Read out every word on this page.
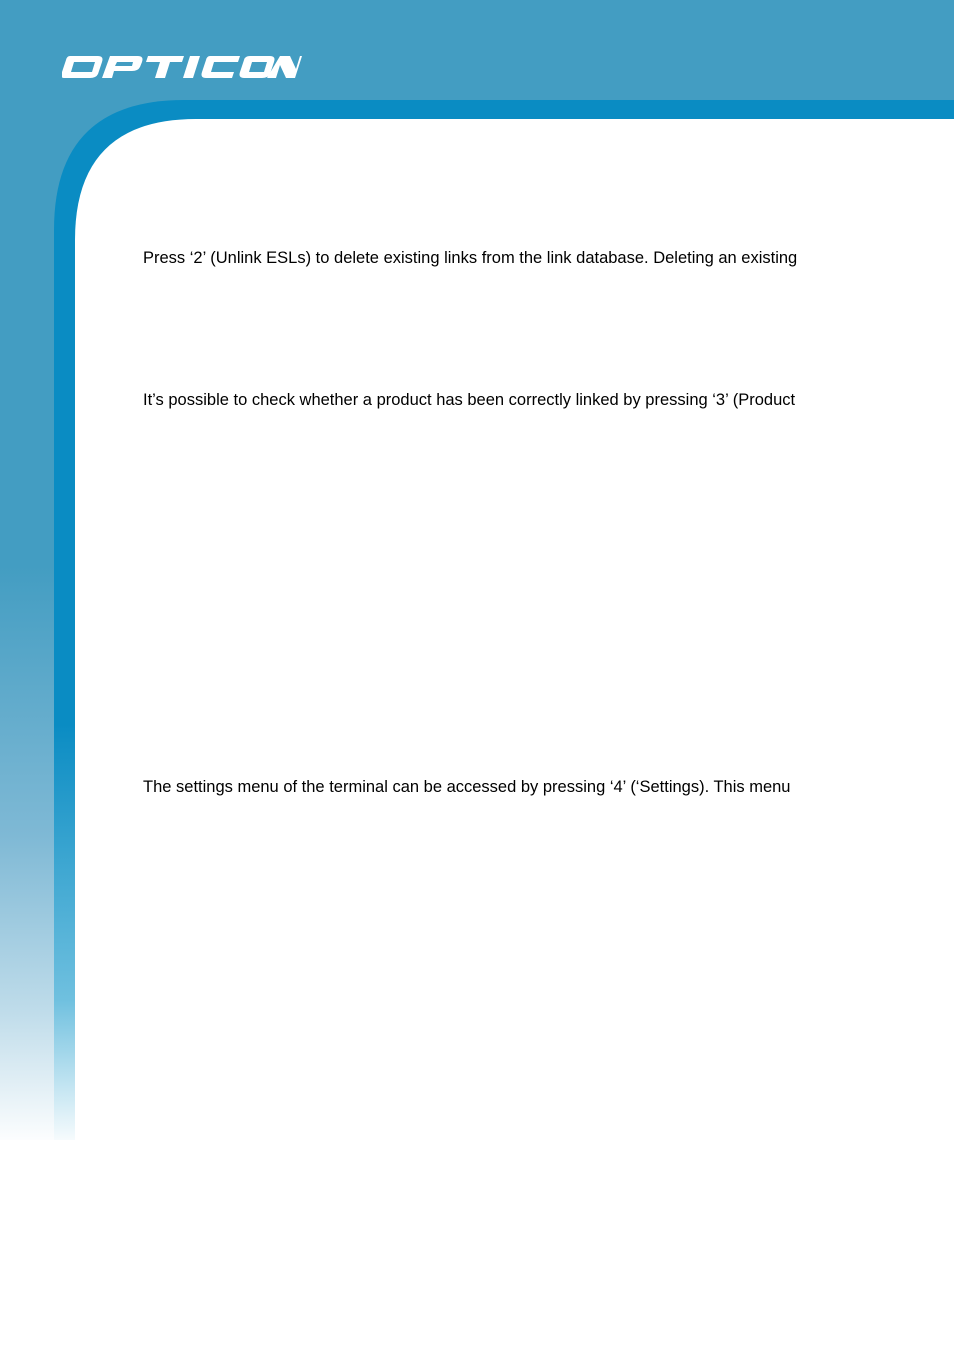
Press ‘2’ (Unlink ESLs) to delete existing links from the link database. Deleting an existing

It’s possible to check whether a product has been correctly linked by pressing ‘3’ (Product

The settings menu of the terminal can be accessed by pressing ‘4’ (‘Settings). This menu
